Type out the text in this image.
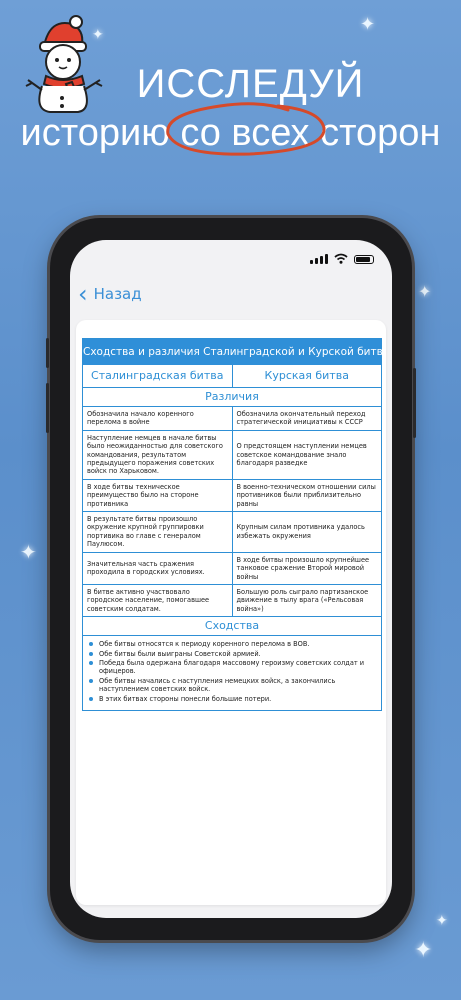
✦	✦
✦
✦
✦
✦
ИССЛЕДУЙ
историю со всех сторон
‹ Назад
Сходства и различия Сталинградской и Курской битв
Сталинградская битва	Курская битва
Различия
Обозначила начало коренного перелома в войне
Обозначила окончательный переход стратегической инициативы к СССР
Наступление немцев в начале битвы было неожиданностью для советского командования, результатом предыдущего поражения советских войск по Харьковом.
О предстоящем наступлении немцев советское командование знало благодаря разведке
В ходе битвы техническое преимущество было на стороне противника
В военно-техническом отношении силы противников были приблизительно равны
В результате битвы произошло окружение крупной группировки портивика во главе с генералом Паулюсом.
Крупным силам противника удалось избежать окружения
Значительная часть сражения проходила в городских условиях.
В ходе битвы произошло крупнейшее танковое сражение Второй мировой войны
В битве активно участвовало городское население, помогавшее советским солдатам.
Большую роль сыграло партизанское движение в тылу врага («Рельсовая война»)
Сходства
Обе битвы относятся к периоду коренного перелома в ВОВ.
Обе битвы были выиграны Советской армией.
Победа была одержана благодаря массовому героизму советских солдат и офицеров.
Обе битвы начались с наступления немецких войск, а закончились наступлением советских войск.
В этих битвах стороны понесли большие потери.
